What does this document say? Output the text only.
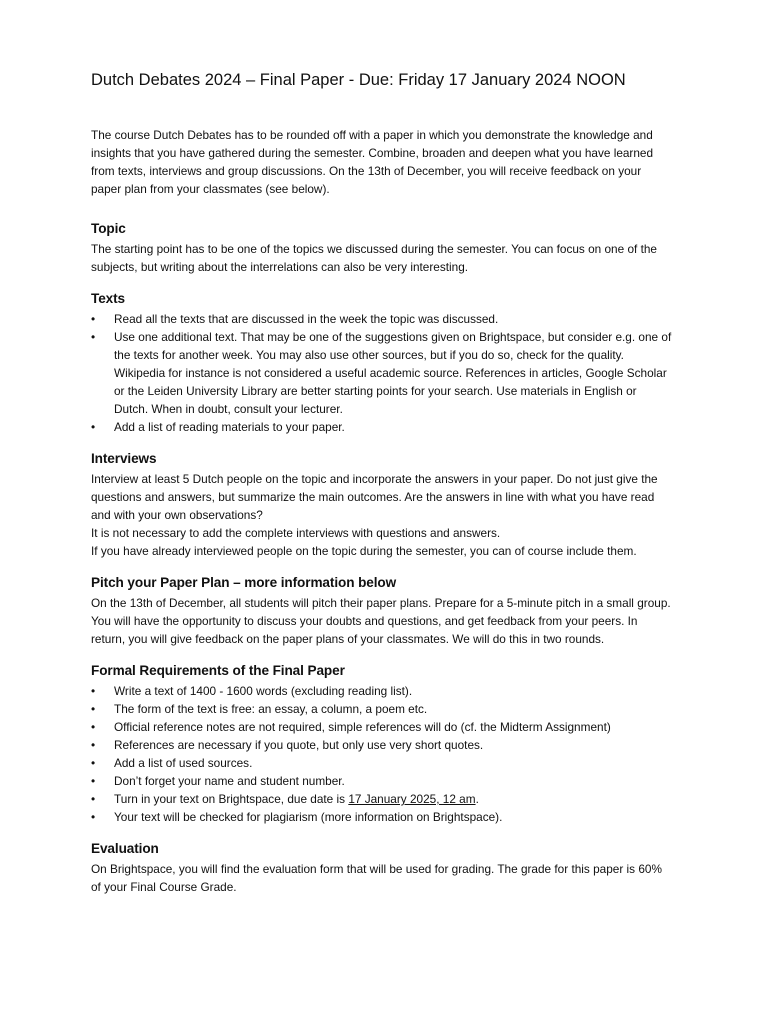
Dutch Debates 2024 – Final Paper - Due: Friday 17 January 2024 NOON

The course Dutch Debates has to be rounded off with a paper in which you demonstrate the knowledge and insights that you have gathered during the semester. Combine, broaden and deepen what you have learned from texts, interviews and group discussions. On the 13th of December, you will receive feedback on your paper plan from your classmates (see below).

Topic

The starting point has to be one of the topics we discussed during the semester. You can focus on one of the subjects, but writing about the interrelations can also be very interesting.

Texts
•	Read all the texts that are discussed in the week the topic was discussed.
•	Use one additional text. That may be one of the suggestions given on Brightspace, but consider e.g. one of the texts for another week. You may also use other sources, but if you do so, check for the quality. Wikipedia for instance is not considered a useful academic source. References in articles, Google Scholar or the Leiden University Library are better starting points for your search. Use materials in English or Dutch. When in doubt, consult your lecturer.
•	Add a list of reading materials to your paper.
Interviews

Interview at least 5 Dutch people on the topic and incorporate the answers in your paper. Do not just give the questions and answers, but summarize the main outcomes. Are the answers in line with what you have read and with your own observations?

It is not necessary to add the complete interviews with questions and answers.

If you have already interviewed people on the topic during the semester, you can of course include them.

Pitch your Paper Plan – more information below

On the 13th of December, all students will pitch their paper plans. Prepare for a 5-minute pitch in a small group. You will have the opportunity to discuss your doubts and questions, and get feedback from your peers. In return, you will give feedback on the paper plans of your classmates. We will do this in two rounds.

Formal Requirements of the Final Paper
•	Write a text of 1400 - 1600 words (excluding reading list).
•	The form of the text is free: an essay, a column, a poem etc.
•	Official reference notes are not required, simple references will do (cf. the Midterm Assignment)
•	References are necessary if you quote, but only use very short quotes.
•	Add a list of used sources.
•	Don’t forget your name and student number.
•	Turn in your text on Brightspace, due date is 17 January 2025, 12 am.
•	Your text will be checked for plagiarism (more information on Brightspace).
Evaluation

On Brightspace, you will find the evaluation form that will be used for grading. The grade for this paper is 60% of your Final Course Grade.
